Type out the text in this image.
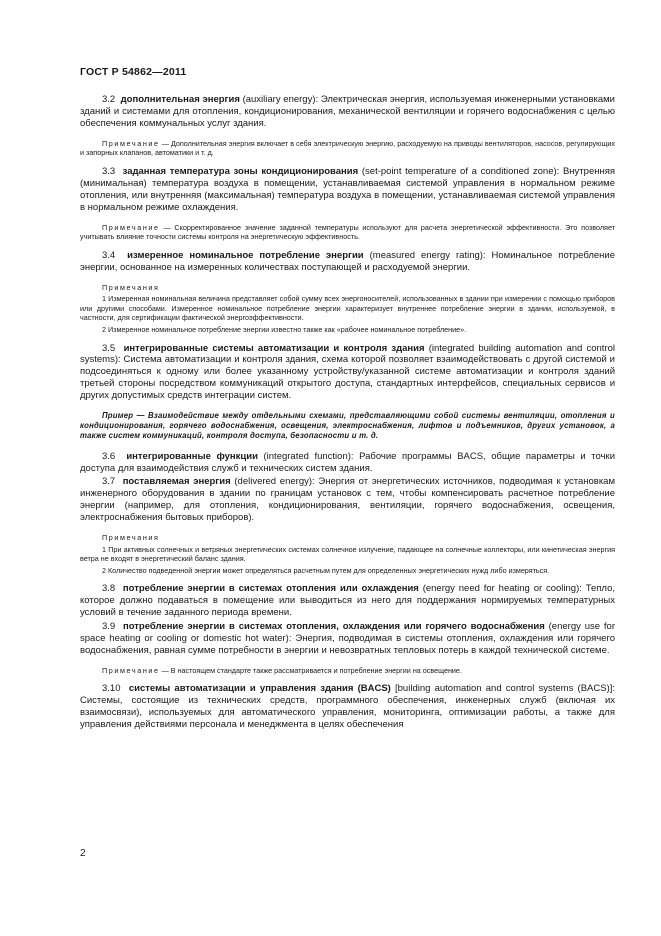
ГОСТ Р 54862—2011

3.2 дополнительная энергия (auxiliary energy): Электрическая энергия, используемая инженерными установками зданий и системами для отопления, кондиционирования, механической вентиляции и горячего водоснабжения с целью обеспечения коммунальных услуг здания.

Примечание — Дополнительная энергия включает в себя электрическую энергию, расходуемую на приводы вентиляторов, насосов, регулирующих и запорных клапанов, автоматики и т. д.

3.3 заданная температура зоны кондиционирования (set-point temperature of a conditioned zone): Внутренняя (минимальная) температура воздуха в помещении, устанавливаемая системой управления в нормальном режиме отопления, или внутренняя (максимальная) температура воздуха в помещении, устанавливаемая системой управления в нормальном режиме охлаждения.

Примечание — Скорректированное значение заданной температуры используют для расчета энергетической эффективности. Это позволяет учитывать влияние точности системы контроля на энергетическую эффективность.

3.4 измеренное номинальное потребление энергии (measured energy rating): Номинальное потребление энергии, основанное на измеренных количествах поступающей и расходуемой энергии.

Примечания

1 Измеренная номинальная величина представляет собой сумму всех энергоносителей, использованных в здании при измерении с помощью приборов или другими способами. Измеренное номинальное потребление энергии характеризует внутреннее потребление энергии в здании, используемой, в частности, для сертификации фактической энергоэффективности.

2 Измеренное номинальное потребление энергии известно также как «рабочее номинальное потребление».

3.5 интегрированные системы автоматизации и контроля здания (integrated building automation and control systems): Система автоматизации и контроля здания, схема которой позволяет взаимодействовать с другой системой и подсоединяться к одному или более указанному устройству/указанной системе автоматизации и контроля зданий третьей стороны посредством коммуникаций открытого доступа, стандартных интерфейсов, специальных сервисов и других допустимых средств интеграции систем.

Пример — Взаимодействие между отдельными схемами, представляющими собой системы вентиляции, отопления и кондиционирования, горячего водоснабжения, освещения, электроснабжения, лифтов и подъемников, других установок, а также систем коммуникаций, контроля доступа, безопасности и т. д.

3.6 интегрированные функции (integrated function): Рабочие программы BACS, общие параметры и точки доступа для взаимодействия служб и технических систем здания.

3.7 поставляемая энергия (delivered energy): Энергия от энергетических источников, подводимая к установкам инженерного оборудования в здании по границам установок с тем, чтобы компенсировать расчетное потребление энергии (например, для отопления, кондиционирования, вентиляции, горячего водоснабжения, освещения, электроснабжения бытовых приборов).

Примечания

1 При активных солнечных и ветряных энергетических системах солнечное излучение, падающее на солнечные коллекторы, или кинетическая энергия ветра не входят в энергетический баланс здания.

2 Количество подведенной энергии может определяться расчетным путем для определенных энергетических нужд либо измеряться.

3.8 потребление энергии в системах отопления или охлаждения (energy need for heating or cooling): Тепло, которое должно подаваться в помещение или выводиться из него для поддержания нормируемых температурных условий в течение заданного периода времени.

3.9 потребление энергии в системах отопления, охлаждения или горячего водоснабжения (energy use for space heating or cooling or domestic hot water): Энергия, подводимая в системы отопления, охлаждения или горячего водоснабжения, равная сумме потребности в энергии и невозвратных тепловых потерь в каждой технической системе.

Примечание — В настоящем стандарте также рассматривается и потребление энергии на освещение.

3.10 системы автоматизации и управления здания (BACS) [building automation and control systems (BACS)]: Системы, состоящие из технических средств, программного обеспечения, инженерных служб (включая их взаимосвязи), используемых для автоматического управления, мониторинга, оптимизации работы, а также для управления действиями персонала и менеджмента в целях обеспечения

2
